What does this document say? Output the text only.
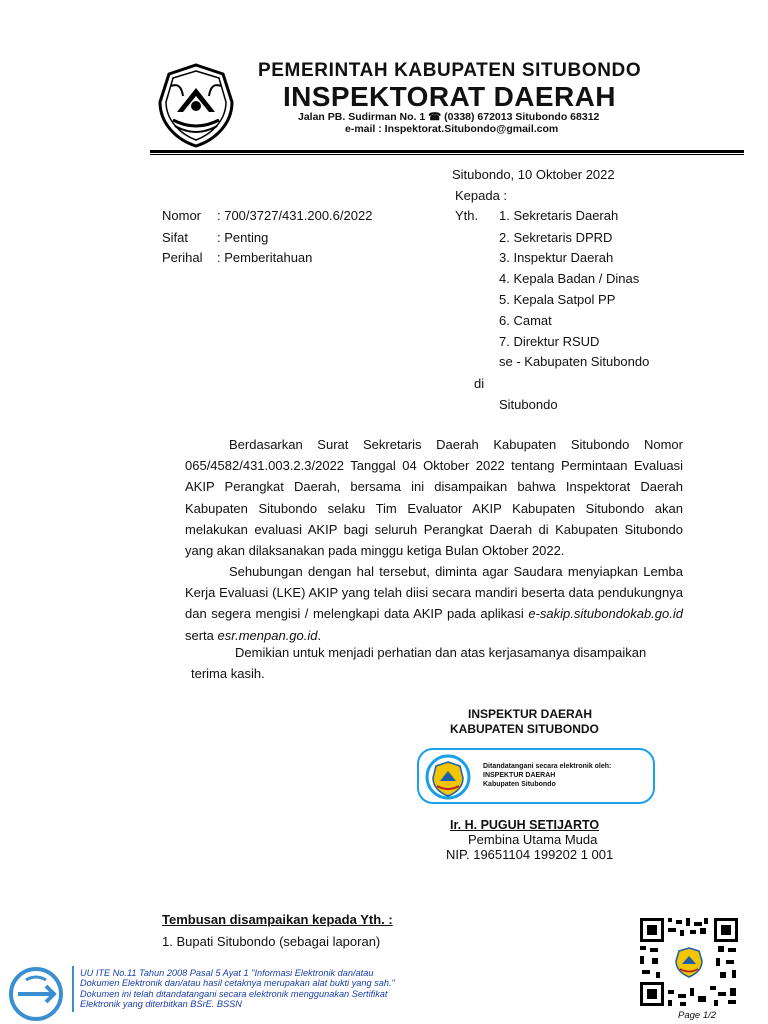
PEMERINTAH KABUPATEN SITUBONDO
INSPEKTORAT DAERAH
Jalan PB. Sudirman No. 1 ☎ (0338) 672013 Situbondo 68312
e-mail : Inspektorat.Situbondo@gmail.com
Situbondo, 10 Oktober 2022
Kepada :
Yth. 1. Sekretaris Daerah
2. Sekretaris DPRD
3. Inspektur Daerah
4. Kepala Badan / Dinas
5. Kepala Satpol PP
6. Camat
7. Direktur RSUD
se - Kabupaten Situbondo
di
Situbondo
Nomor : 700/3727/431.200.6/2022
Sifat : Penting
Perihal : Pemberitahuan
Berdasarkan Surat Sekretaris Daerah Kabupaten Situbondo Nomor 065/4582/431.003.2.3/2022 Tanggal 04 Oktober 2022 tentang Permintaan Evaluasi AKIP Perangkat Daerah, bersama ini disampaikan bahwa Inspektorat Daerah Kabupaten Situbondo selaku Tim Evaluator AKIP Kabupaten Situbondo akan melakukan evaluasi AKIP bagi seluruh Perangkat Daerah di Kabupaten Situbondo yang akan dilaksanakan pada minggu ketiga Bulan Oktober 2022.
Sehubungan dengan hal tersebut, diminta agar Saudara menyiapkan Lemba Kerja Evaluasi (LKE) AKIP yang telah diisi secara mandiri beserta data pendukungnya dan segera mengisi / melengkapi data AKIP pada aplikasi e-sakip.situbondokab.go.id serta esr.menpan.go.id.
Demikian untuk menjadi perhatian dan atas kerjasamanya disampaikan
terima kasih.
INSPEKTUR DAERAH
KABUPATEN SITUBONDO
Ditandatangani secara elektronik oleh:
INSPEKTUR DAERAH
Kabupaten Situbondo
Ir. H. PUGUH SETIJARTO
Pembina Utama Muda
NIP. 19651104 199202 1 001
Tembusan disampaikan kepada Yth. :
1. Bupati Situbondo (sebagai laporan)
UU ITE No.11 Tahun 2008 Pasal 5 Ayat 1 "Informasi Elektronik dan/atau
Dokumen Elektronik dan/atau hasil cetaknya merupakan alat bukti yang sah."
Dokumen ini telah ditandatangani secara elektronik menggunakan Sertifikat
Elektronik yang diterbitkan BSrE. BSSN
Page 1/2
